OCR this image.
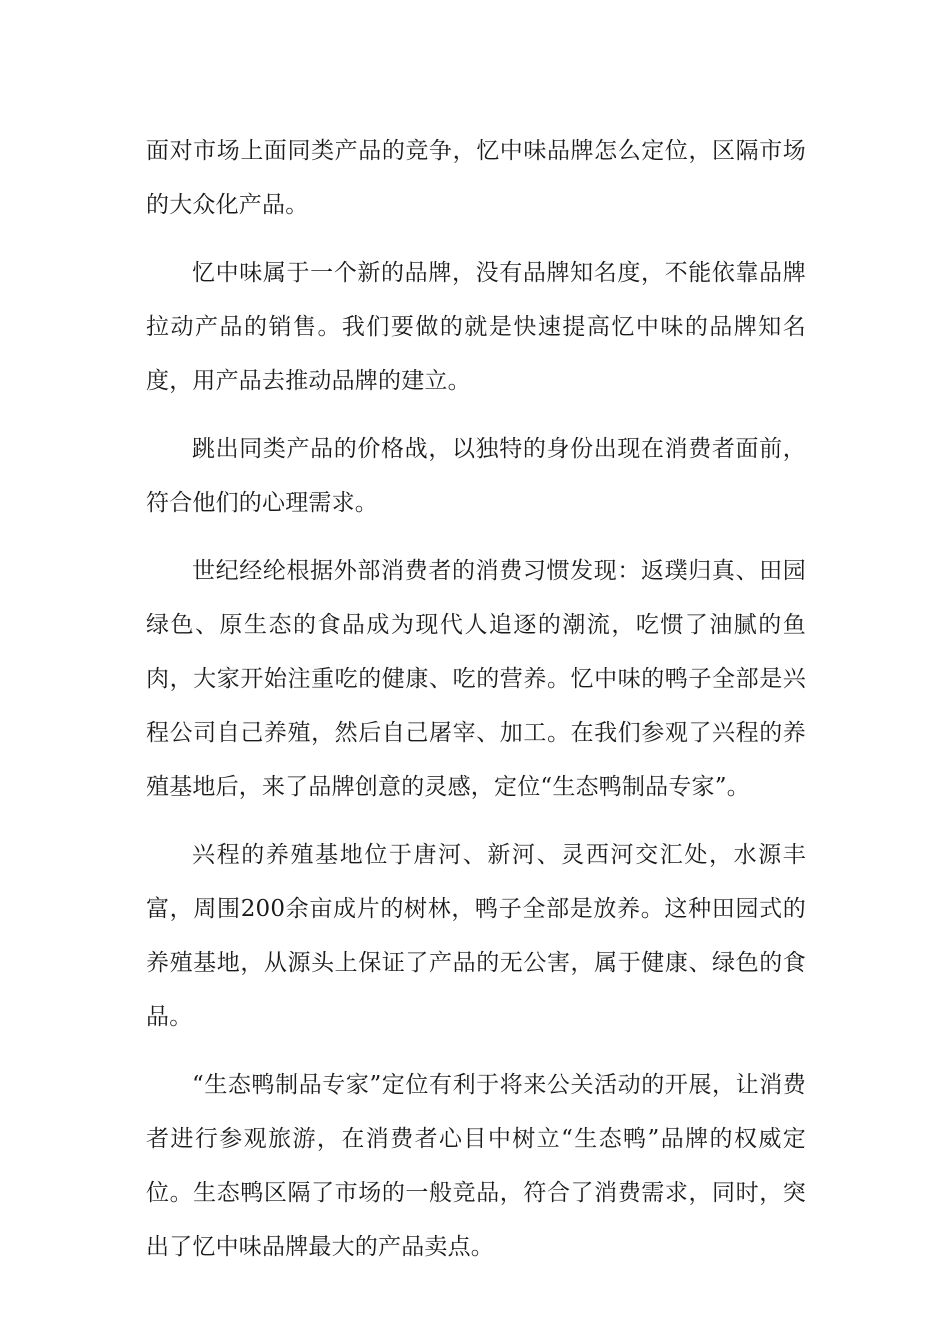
面对市场上面同类产品的竞争，忆中味品牌怎么定位，区隔市场的大众化产品。

忆中味属于一个新的品牌，没有品牌知名度，不能依靠品牌拉动产品的销售。我们要做的就是快速提高忆中味的品牌知名度，用产品去推动品牌的建立。

跳出同类产品的价格战，以独特的身份出现在消费者面前，符合他们的心理需求。

世纪经纶根据外部消费者的消费习惯发现：返璞归真、田园绿色、原生态的食品成为现代人追逐的潮流，吃惯了油腻的鱼肉，大家开始注重吃的健康、吃的营养。忆中味的鸭子全部是兴程公司自己养殖，然后自己屠宰、加工。在我们参观了兴程的养殖基地后，来了品牌创意的灵感，定位“生态鸭制品专家”。

兴程的养殖基地位于唐河、新河、灵西河交汇处，水源丰富，周围200余亩成片的树林，鸭子全部是放养。这种田园式的养殖基地，从源头上保证了产品的无公害，属于健康、绿色的食品。

“生态鸭制品专家”定位有利于将来公关活动的开展，让消费者进行参观旅游，在消费者心目中树立“生态鸭”品牌的权威定位。生态鸭区隔了市场的一般竞品，符合了消费需求，同时，突出了忆中味品牌最大的产品卖点。
